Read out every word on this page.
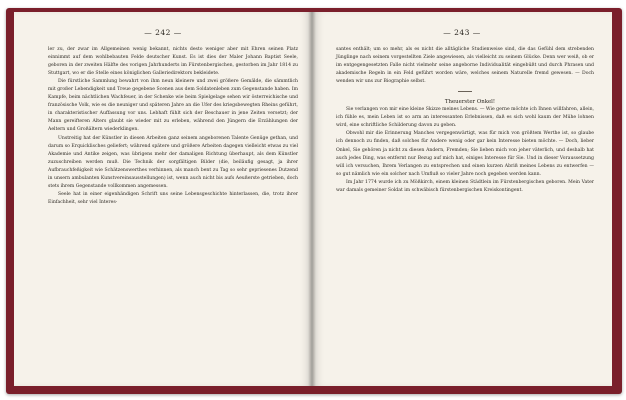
— 242 —

ler zu, der zwar im Allgemeinen wenig bekannt, nichts desto weniger aber mit Ehren seinen Platz einnimmt auf dem wohlbebauten Felde deutscher Kunst. Es ist dies der Maler Johann Baptist Seele, geboren in der zweiten Hälfte des vorigen Jahrhunderts im Fürstenbergischen, gestorben im Jahr 1814 zu Stuttgart, wo er die Stelle eines königlichen Galleriedirektors bekleidete.

Die fürstliche Sammlung bewahrt von ihm neun kleinere und zwei größere Gemälde, die sämmtlich mit großer Lebendigkeit und Treue gegebene Scenen aus dem Soldatenleben zum Gegenstande haben. Im Kampfe, beim nächtlichen Wachfeuer, in der Schenke wie beim Spielgelage sehen wir österreichische und französische Volk, wie es die neuniger und späteren Jahre an die Ufer des kriegsbewegten Rheins geführt, in charakteristischer Auffassung vor uns. Lebhaft fühlt sich der Beschauer in jene Zeiten versetzt; der Mann gereifteren Alters glaubt sie wieder mit zu erleben, während den Jüngern die Erzählungen der Aeltern und Großältern wiederklingen.

Unstreitig hat der Künstler in diesen Arbeiten ganz seinem angeborenen Talente Genüge gethan, und darum so Erquicklisches geliefert; während spätere und größere Arbeiten dagegen vielleicht etwas zu viel Akademie und Antike zeigen, was übrigens mehr der damaligen Richtung überhaupt, als dem Künstler zuzuschreiben werden muß. Die Technik der sorgfältigen Bilder (die, beiläufig gesagt, ja ihrer Aufbrauchfeßigkeit wie Schätzenswerthes verhinnen, als manch bent zu Tag so sehr gepriesenes Dutzend in unsern ambulanten Kunstvereinsausstellungen) ist, wenn auch nicht bis aufs Aeußerste getrieben, doch stets ihrem Gegenstande vollkommen angemessen.

Seele hat in einer eigenhändigen Schrift uns seine Lebensgeschichte hinterlassen, die, trotz ihrer Einfachheit, sehr viel Interes-

— 243 —

santes enthält; um so mehr, als es nicht die alltägliche Studienweise sind, die das Gefühl dem strebenden Jünglinge nach seinem vorgestellten Ziele angewiesen, als vielleicht zu seinem Glücke. Denn wer weiß, ob er im entgegengesetzten Falle nicht vielmehr seine angeborne Individualität eingebüßt und durch Phrasen und akademische Regeln in ein Feld geführt worden wäre, welches seinem Naturelle fremd gewesen. — Doch wenden wir uns zur Biographie selbst.

Theuerster Onkel!

Sie verlangen von mir eine kleine Skizze meines Lebens. — Wie gerne möchte ich Ihnen willfahren, allein, ich fühle es, mein Leben ist so arm an interessanten Erlebnissen, daß es sich wohl kaum der Mühe lohnen wird, eine schriftliche Schilderung davon zu geben.

Obwohl mir die Erinnerung Manches vergegenwärtigt, was für mich von größtem Werthe ist, so glaube ich dennoch zu finden, daß solches für Andere wenig oder gar kein Interesse bieten möchte. — Doch, lieber Onkel, Sie gehören ja nicht zu diesen Andern, Fremden; Sie lieben mich von jeher väterlich, und deshalb hat auch jedes Ding, was entfernt nur Bezug auf mich hat, einiges Interesse für Sie. Und in dieser Voraussetzung will ich versuchen, Ihrem Verlangen zu entsprechen und einen kurzen Abriß meines Lebens zu entwerfen — so gut nämlich wie ein solcher nach Umfluß so vieler Jahre noch gegeben werden kann.

Im Jahr 1774 wurde ich zu Mößkirch, einem kleinen Städtlein im Fürstenbergischen geboren. Mein Vater war damals gemeiner Soldat im schwäbisch fürstenbergischen Kreiskontingent.
